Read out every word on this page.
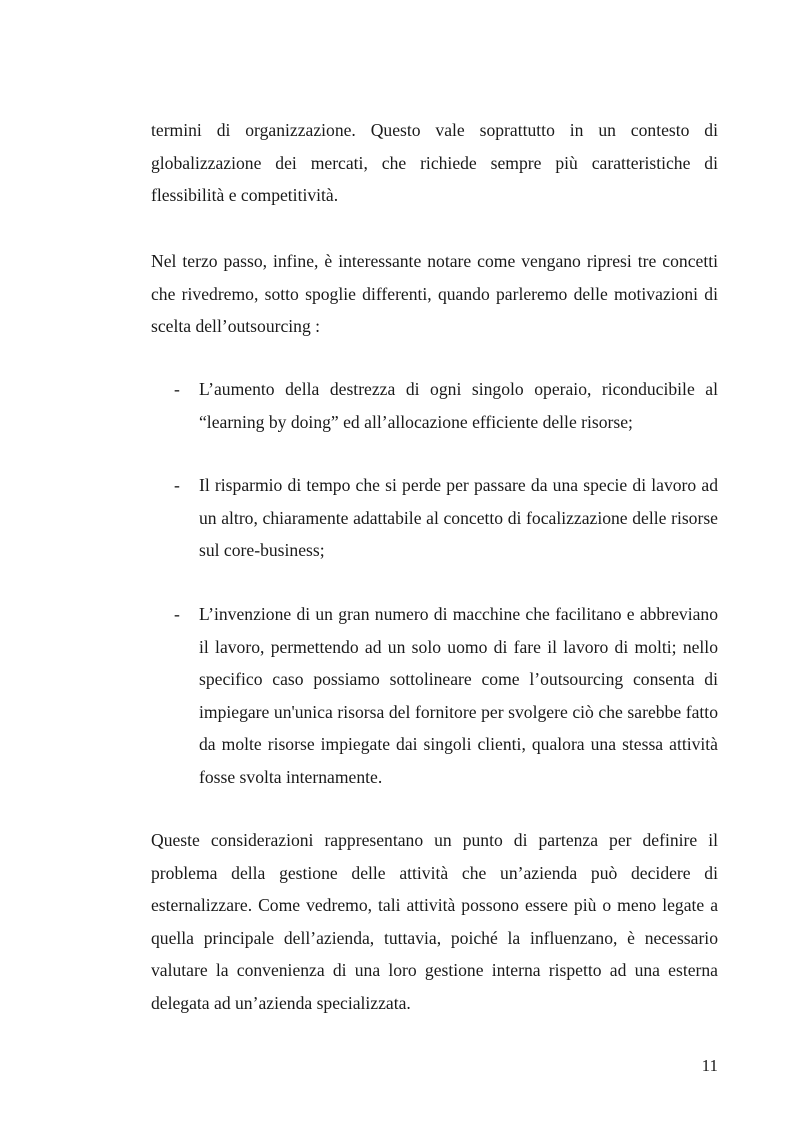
termini di organizzazione. Questo vale soprattutto in un contesto di globalizzazione dei mercati, che richiede sempre più caratteristiche di flessibilità e competitività.

Nel terzo passo, infine, è interessante notare come vengano ripresi tre concetti che rivedremo, sotto spoglie differenti, quando parleremo delle motivazioni di scelta dell’outsourcing :

- L’aumento della destrezza di ogni singolo operaio, riconducibile al “learning by doing” ed all’allocazione efficiente delle risorse;

- Il risparmio di tempo che si perde per passare da una specie di lavoro ad un altro, chiaramente adattabile al concetto di focalizzazione delle risorse sul core-business;

- L’invenzione di un gran numero di macchine che facilitano e abbreviano il lavoro, permettendo ad un solo uomo di fare il lavoro di molti; nello specifico caso possiamo sottolineare come l’outsourcing consenta di impiegare un'unica risorsa del fornitore per svolgere ciò che sarebbe fatto da molte risorse impiegate dai singoli clienti, qualora una stessa attività fosse svolta internamente.

Queste considerazioni rappresentano un punto di partenza per definire il problema della gestione delle attività che un’azienda può decidere di esternalizzare. Come vedremo, tali attività possono essere più o meno legate a quella principale dell’azienda, tuttavia, poiché la influenzano, è necessario valutare la convenienza di una loro gestione interna rispetto ad una esterna delegata ad un’azienda specializzata.

11
